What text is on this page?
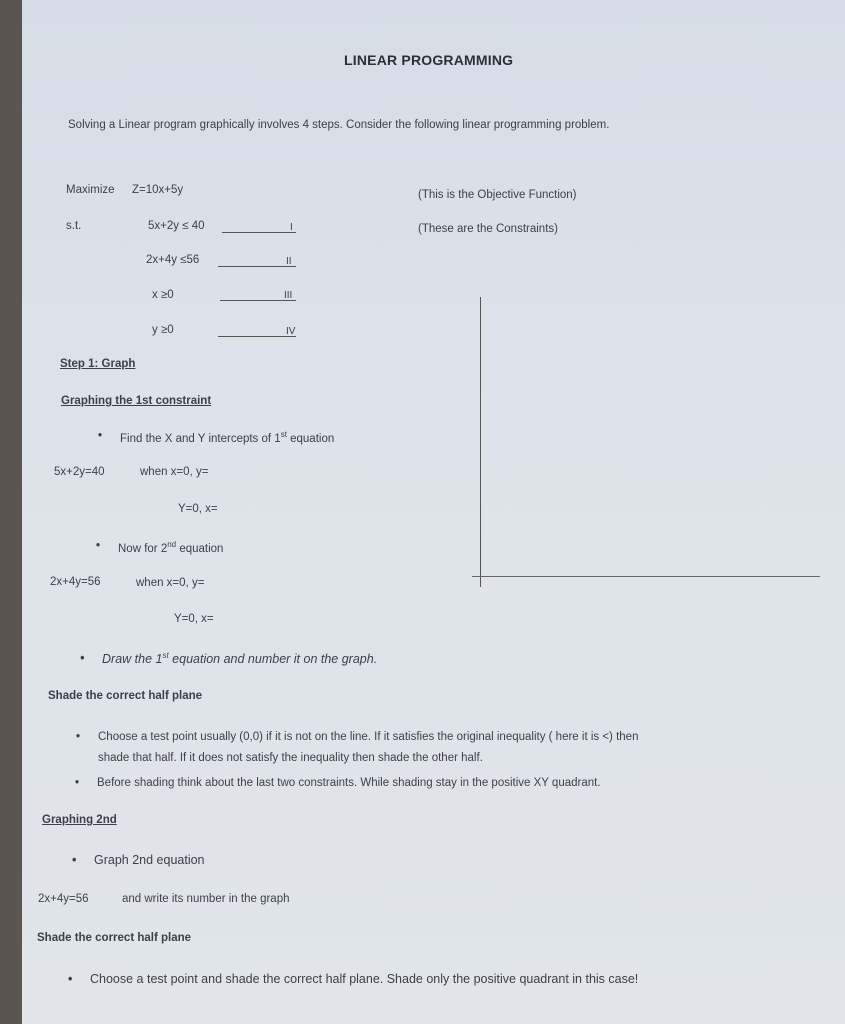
LINEAR PROGRAMMING
Solving a Linear program graphically involves 4 steps. Consider the following linear programming problem.
Maximize Z=10x+5y	(This is the Objective Function)
s.t.	(These are the Constraints)
5x+2y ≤ 40	I
2x+4y ≤56	II
x ≥0	III
y ≥0	IV
Step 1: Graph
Graphing the 1st constraint
• Find the X and Y intercepts of 1st equation
5x+2y=40	when x=0, y=
Y=0, x=
• Now for 2nd equation
2x+4y=56	when x=0, y=
Y=0, x=
• Draw the 1st equation and number it on the graph.
Shade the correct half plane
• Choose a test point usually (0,0) if it is not on the line. If it satisfies the original inequality ( here it is <) then
shade that half. If it does not satisfy the inequality then shade the other half.
• Before shading think about the last two constraints. While shading stay in the positive XY quadrant.
Graphing 2nd
• Graph 2nd equation
2x+4y=56	and write its number in the graph
Shade the correct half plane
• Choose a test point and shade the correct half plane. Shade only the positive quadrant in this case!
